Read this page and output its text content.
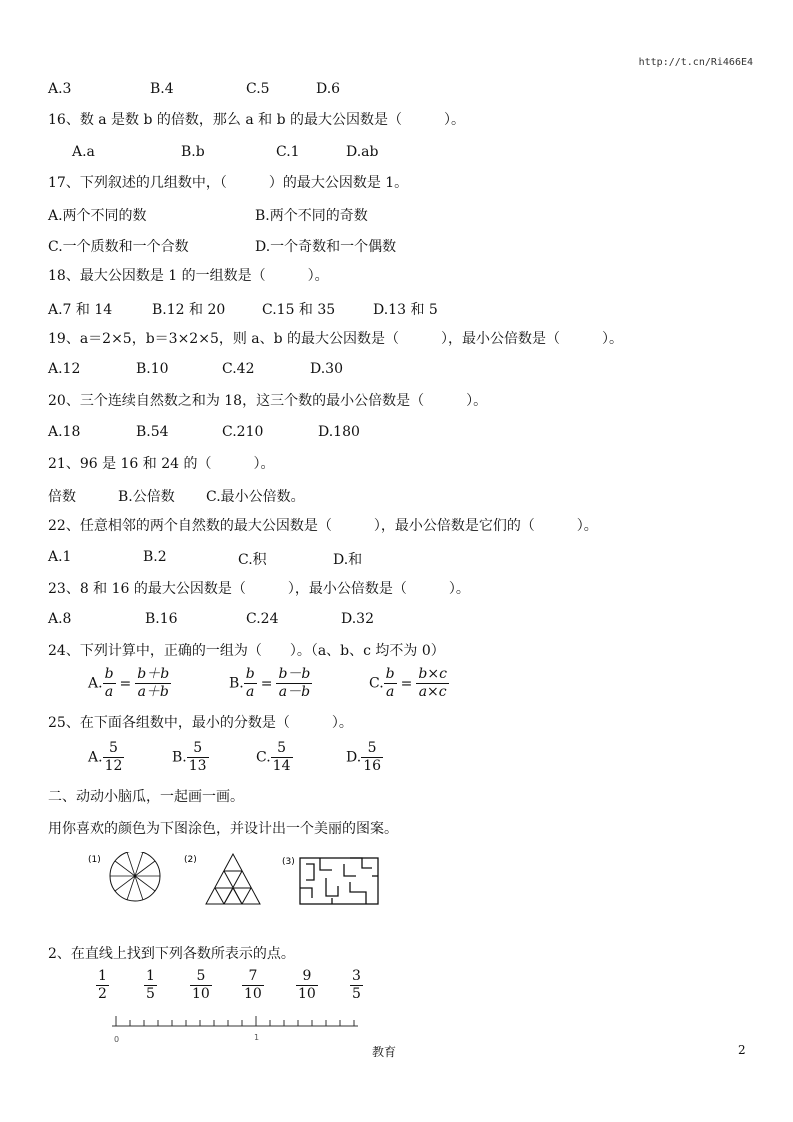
http://t.cn/Ri466E4
A.3	B.4	C.5	D.6
16、数 a 是数 b 的倍数，那么 a 和 b 的最大公因数是（　　　）。
A.a	B.b	C.1	D.ab
17、下列叙述的几组数中，（　　　）的最大公因数是 1。
A.两个不同的数	B.两个不同的奇数
C.一个质数和一个合数	D.一个奇数和一个偶数
18、最大公因数是 1 的一组数是（　　　）。
A.7 和 14	B.12 和 20	C.15 和 35	D.13 和 5
19、a＝2×5，b＝3×2×5，则 a、b 的最大公因数是（　　　），最小公倍数是（　　　）。
A.12	B.10	C.42	D.30
20、三个连续自然数之和为 18，这三个数的最小公倍数是（　　　）。
A.18	B.54	C.210	D.180
21、96 是 16 和 24 的（　　　）。
倍数	B.公倍数 C.最小公倍数。
22、任意相邻的两个自然数的最大公因数是（　　　），最小公倍数是它们的（　　　）。
A.1	B.2	C.积	D.和
23、8 和 16 的最大公因数是（　　　），最小公倍数是（　　　）。
A.8	B.16	C.24	D.32
24、下列计算中，正确的一组为（　　）。（a、b、c 均不为 0）
A. $\frac{b}{a} = \frac{b+b}{a+b}$	B. $\frac{b}{a} = \frac{b-b}{a-b}$	C. $\frac{b}{a} = \frac{b\times c}{a\times c}$
25、在下面各组数中，最小的分数是（　　　）。
A. $\frac{5}{12}$	B. $\frac{5}{13}$	C. $\frac{5}{14}$	D. $\frac{5}{16}$
二、动动小脑瓜，一起画一画。
用你喜欢的颜色为下图涂色，并设计出一个美丽的图案。
(1)	(2)	(3)
2、在直线上找到下列各数所表示的点。
$\frac{1}{2}$	$\frac{1}{5} \frac{5}{10} \frac{7}{10} \frac{9}{10} \frac{3}{5}$
0	1
教育	2
